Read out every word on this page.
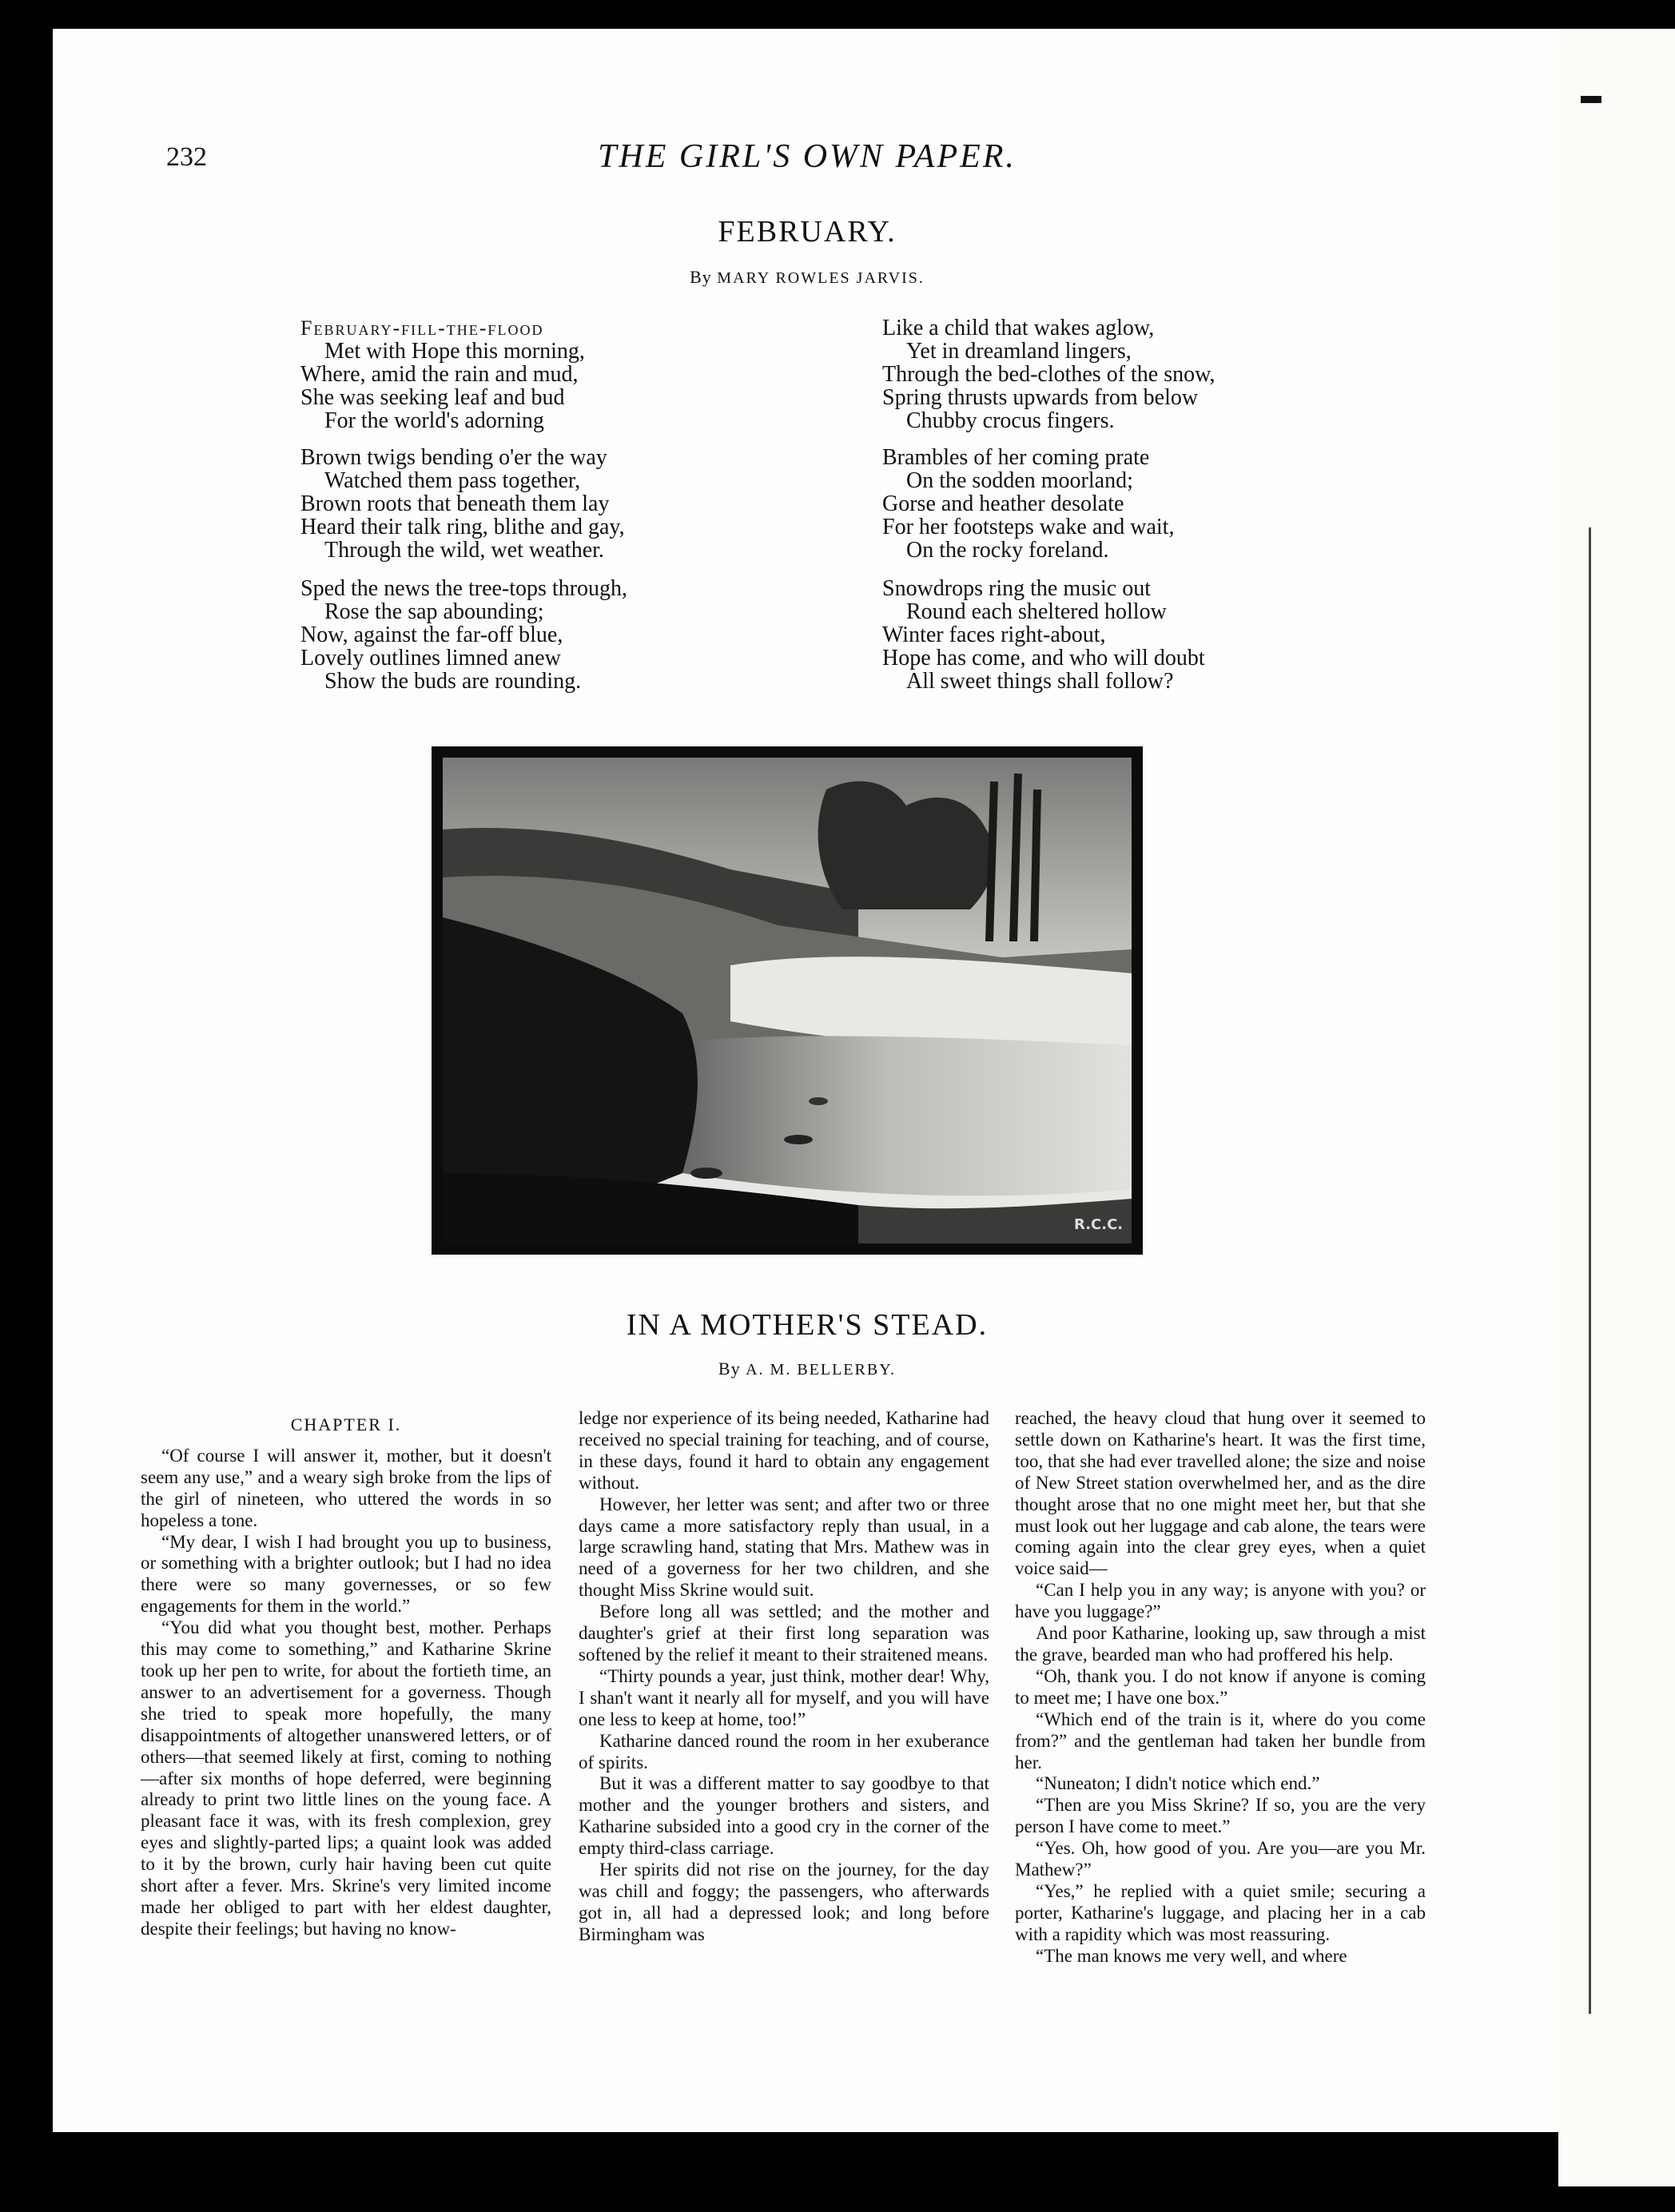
232	THE GIRL'S OWN PAPER.
FEBRUARY.
By MARY ROWLES JARVIS.
February-fill-the-flood
Met with Hope this morning,
Where, amid the rain and mud,
She was seeking leaf and bud
For the world's adorning
Brown twigs bending o'er the way
Watched them pass together,
Brown roots that beneath them lay
Heard their talk ring, blithe and gay,
Through the wild, wet weather.
Sped the news the tree-tops through,
Rose the sap abounding;
Now, against the far-off blue,
Lovely outlines limned anew
Show the buds are rounding.
Like a child that wakes aglow,
Yet in dreamland lingers,
Through the bed-clothes of the snow,
Spring thrusts upwards from below
Chubby crocus fingers.
Brambles of her coming prate
On the sodden moorland;
Gorse and heather desolate
For her footsteps wake and wait,
On the rocky foreland.
Snowdrops ring the music out
Round each sheltered hollow
Winter faces right-about,
Hope has come, and who will doubt
All sweet things shall follow?
R.C.C.
IN A MOTHER'S STEAD.
By A. M. BELLERBY.
CHAPTER I.

“Of course I will answer it, mother, but it doesn't seem any use,” and a weary sigh broke from the lips of the girl of nineteen, who uttered the words in so hopeless a tone.

“My dear, I wish I had brought you up to business, or something with a brighter outlook; but I had no idea there were so many governesses, or so few engagements for them in the world.”

“You did what you thought best, mother. Perhaps this may come to something,” and Katharine Skrine took up her pen to write, for about the fortieth time, an answer to an advertisement for a governess. Though she tried to speak more hopefully, the many disappointments of altogether unanswered letters, or of others—that seemed likely at first, coming to nothing—after six months of hope deferred, were beginning already to print two little lines on the young face. A pleasant face it was, with its fresh complexion, grey eyes and slightly-parted lips; a quaint look was added to it by the brown, curly hair having been cut quite short after a fever. Mrs. Skrine's very limited income made her obliged to part with her eldest daughter, despite their feelings; but having no know-

ledge nor experience of its being needed, Katharine had received no special training for teaching, and of course, in these days, found it hard to obtain any engagement without.

However, her letter was sent; and after two or three days came a more satisfactory reply than usual, in a large scrawling hand, stating that Mrs. Mathew was in need of a governess for her two children, and she thought Miss Skrine would suit.

Before long all was settled; and the mother and daughter's grief at their first long separation was softened by the relief it meant to their straitened means.

“Thirty pounds a year, just think, mother dear! Why, I shan't want it nearly all for myself, and you will have one less to keep at home, too!”

Katharine danced round the room in her exuberance of spirits.

But it was a different matter to say goodbye to that mother and the younger brothers and sisters, and Katharine subsided into a good cry in the corner of the empty third-class carriage.

Her spirits did not rise on the journey, for the day was chill and foggy; the passengers, who afterwards got in, all had a depressed look; and long before Birmingham was

reached, the heavy cloud that hung over it seemed to settle down on Katharine's heart. It was the first time, too, that she had ever travelled alone; the size and noise of New Street station overwhelmed her, and as the dire thought arose that no one might meet her, but that she must look out her luggage and cab alone, the tears were coming again into the clear grey eyes, when a quiet voice said—

“Can I help you in any way; is anyone with you? or have you luggage?”

And poor Katharine, looking up, saw through a mist the grave, bearded man who had proffered his help.

“Oh, thank you. I do not know if anyone is coming to meet me; I have one box.”

“Which end of the train is it, where do you come from?” and the gentleman had taken her bundle from her.

“Nuneaton; I didn't notice which end.”

“Then are you Miss Skrine? If so, you are the very person I have come to meet.”

“Yes. Oh, how good of you. Are you—are you Mr. Mathew?”

“Yes,” he replied with a quiet smile; securing a porter, Katharine's luggage, and placing her in a cab with a rapidity which was most reassuring.

“The man knows me very well, and where
